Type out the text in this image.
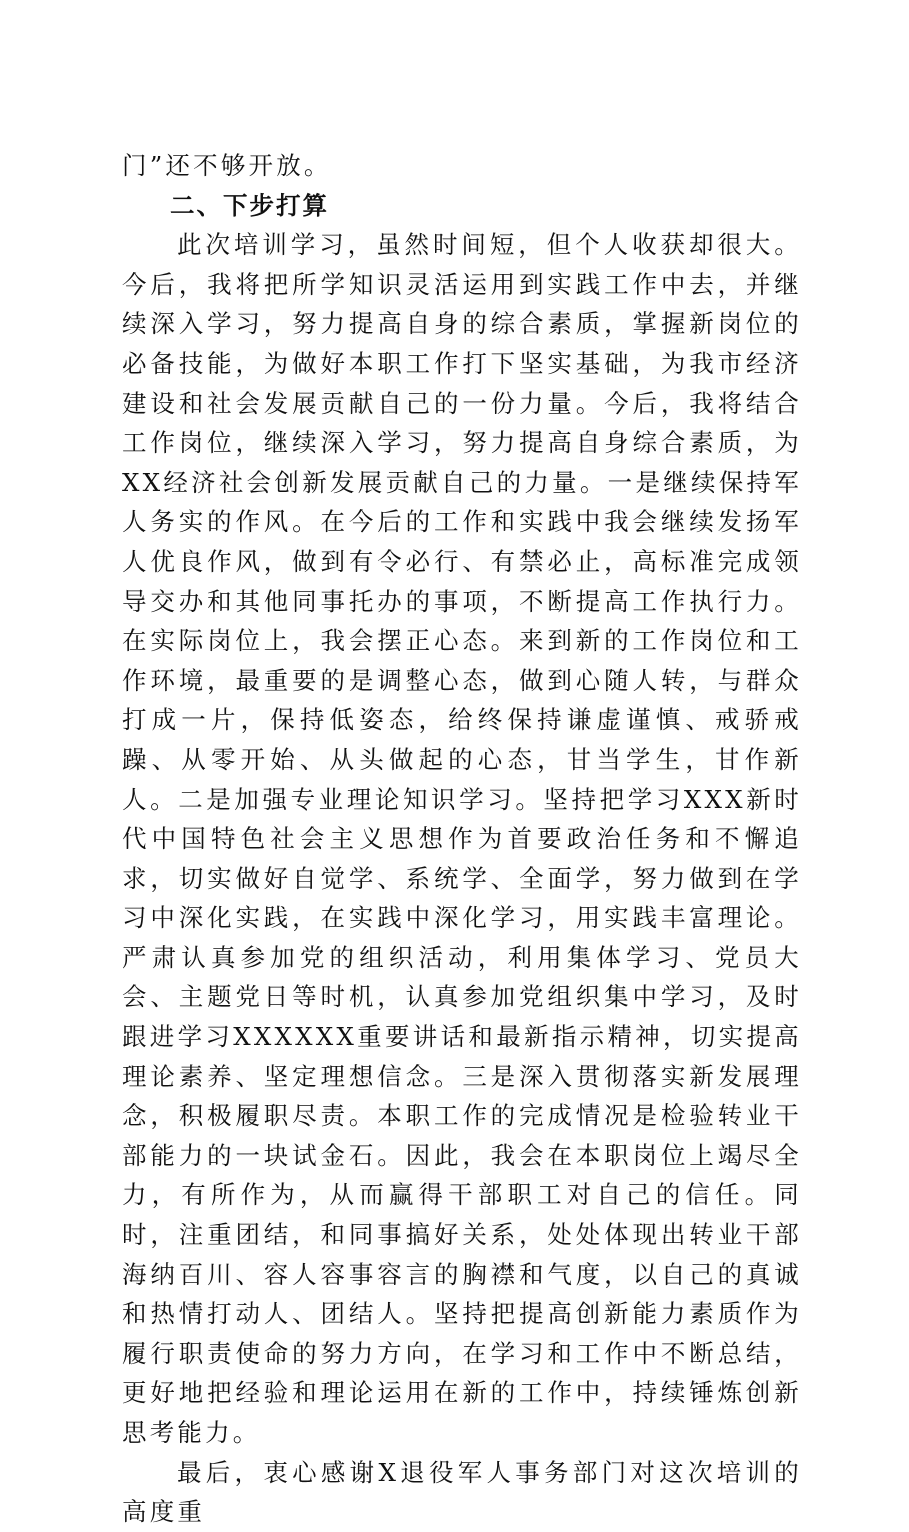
门”还不够开放。

二、下步打算

此次培训学习，虽然时间短，但个人收获却很大。今后，我将把所学知识灵活运用到实践工作中去，并继续深入学习，努力提高自身的综合素质，掌握新岗位的必备技能，为做好本职工作打下坚实基础，为我市经济建设和社会发展贡献自己的一份力量。今后，我将结合工作岗位，继续深入学习，努力提高自身综合素质，为XX经济社会创新发展贡献自己的力量。一是继续保持军人务实的作风。在今后的工作和实践中我会继续发扬军人优良作风，做到有令必行、有禁必止，高标准完成领导交办和其他同事托办的事项，不断提高工作执行力。在实际岗位上，我会摆正心态。来到新的工作岗位和工作环境，最重要的是调整心态，做到心随人转，与群众打成一片，保持低姿态，给终保持谦虚谨慎、戒骄戒躁、从零开始、从头做起的心态，甘当学生，甘作新人。二是加强专业理论知识学习。坚持把学习XXX新时代中国特色社会主义思想作为首要政治任务和不懈追求，切实做好自觉学、系统学、全面学，努力做到在学习中深化实践，在实践中深化学习，用实践丰富理论。严肃认真参加党的组织活动，利用集体学习、党员大会、主题党日等时机，认真参加党组织集中学习，及时跟进学习XXXXXX重要讲话和最新指示精神，切实提高理论素养、坚定理想信念。三是深入贯彻落实新发展理念，积极履职尽责。本职工作的完成情况是检验转业干部能力的一块试金石。因此，我会在本职岗位上竭尽全力，有所作为，从而赢得干部职工对自己的信任。同时，注重团结，和同事搞好关系，处处体现出转业干部海纳百川、容人容事容言的胸襟和气度，以自己的真诚和热情打动人、团结人。坚持把提高创新能力素质作为履行职责使命的努力方向，在学习和工作中不断总结，更好地把经验和理论运用在新的工作中，持续锤炼创新思考能力。

最后，衷心感谢X退役军人事务部门对这次培训的高度重
